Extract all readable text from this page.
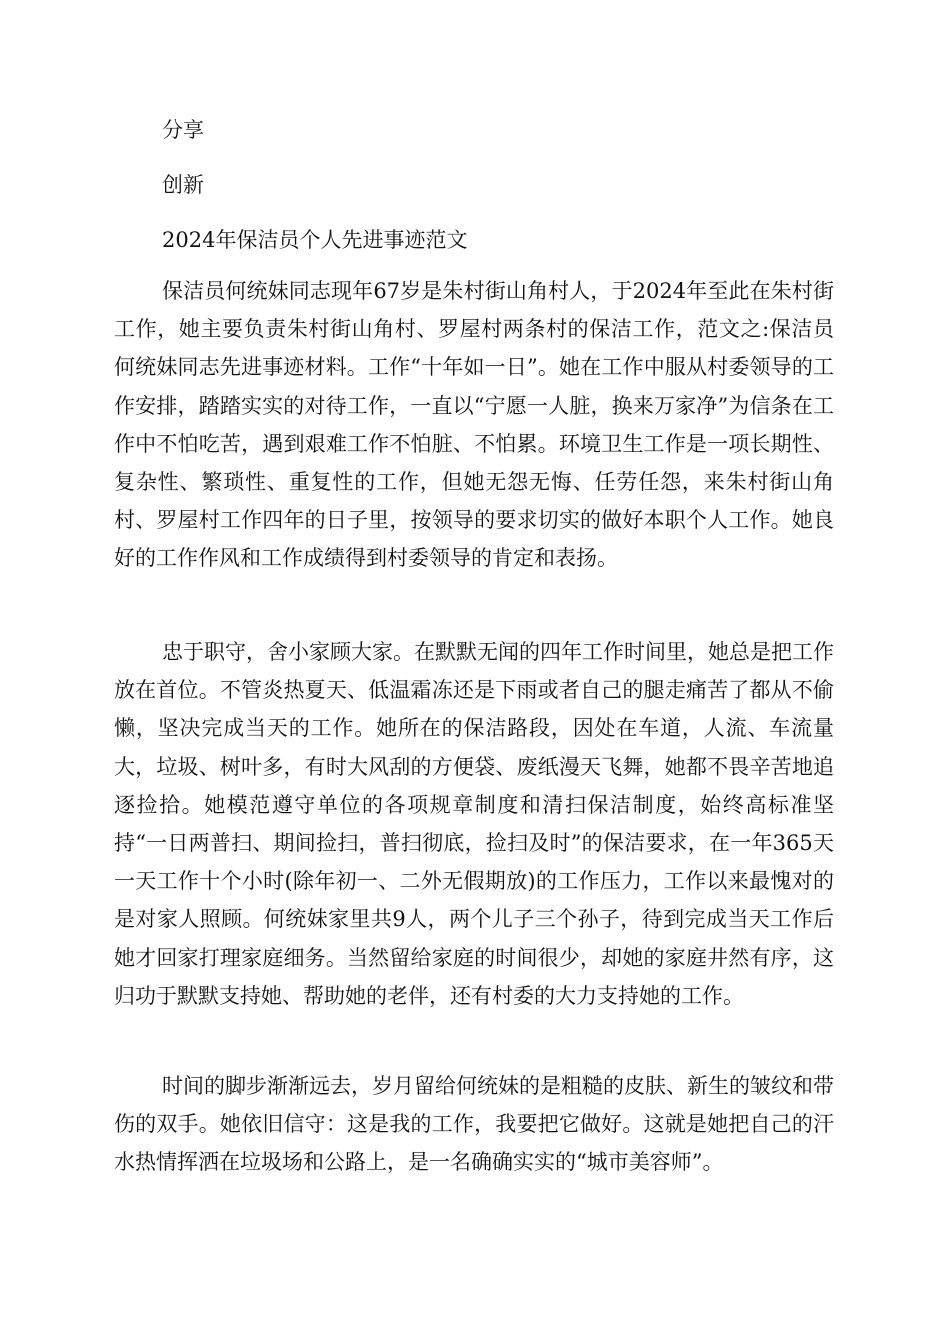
分享
创新
2024年保洁员个人先进事迹范文

保洁员何统妹同志现年67岁是朱村街山角村人，于2024年至此在朱村街工作，她主要负责朱村街山角村、罗屋村两条村的保洁工作，范文之:保洁员何统妹同志先进事迹材料。工作“十年如一日”。她在工作中服从村委领导的工作安排，踏踏实实的对待工作，一直以“宁愿一人脏，换来万家净”为信条在工作中不怕吃苦，遇到艰难工作不怕脏、不怕累。环境卫生工作是一项长期性、复杂性、繁琐性、重复性的工作，但她无怨无悔、任劳任怨，来朱村街山角村、罗屋村工作四年的日子里，按领导的要求切实的做好本职个人工作。她良好的工作作风和工作成绩得到村委领导的肯定和表扬。

忠于职守，舍小家顾大家。在默默无闻的四年工作时间里，她总是把工作放在首位。不管炎热夏天、低温霜冻还是下雨或者自己的腿走痛苦了都从不偷懒，坚决完成当天的工作。她所在的保洁路段，因处在车道，人流、车流量大，垃圾、树叶多，有时大风刮的方便袋、废纸漫天飞舞，她都不畏辛苦地追逐捡拾。她模范遵守单位的各项规章制度和清扫保洁制度，始终高标准坚持“一日两普扫、期间捡扫，普扫彻底，捡扫及时”的保洁要求，在一年365天一天工作十个小时(除年初一、二外无假期放)的工作压力，工作以来最愧对的是对家人照顾。何统妹家里共9人，两个儿子三个孙子，待到完成当天工作后她才回家打理家庭细务。当然留给家庭的时间很少，却她的家庭井然有序，这归功于默默支持她、帮助她的老伴，还有村委的大力支持她的工作。

时间的脚步渐渐远去，岁月留给何统妹的是粗糙的皮肤、新生的皱纹和带伤的双手。她依旧信守：这是我的工作，我要把它做好。这就是她把自己的汗水热情挥洒在垃圾场和公路上，是一名确确实实的“城市美容师”。
